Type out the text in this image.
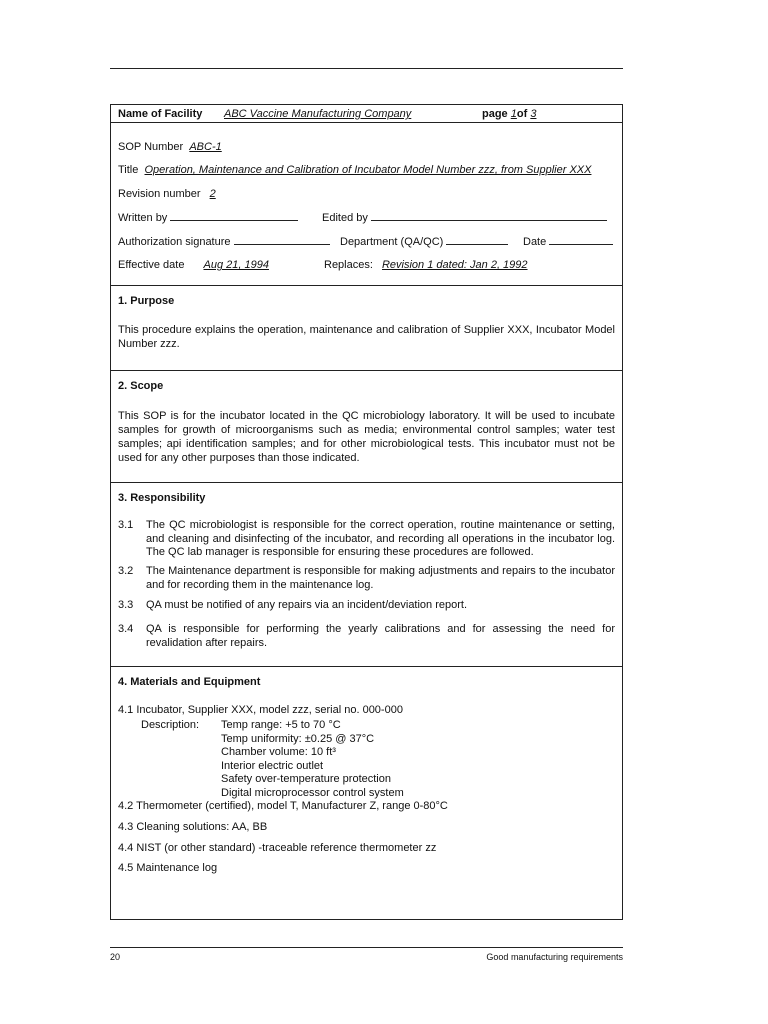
Name of Facility ABC Vaccine Manufacturing Company	page 1of 3
SOP Number ABC-1
Title Operation, Maintenance and Calibration of Incubator Model Number zzz, from Supplier XXX
Revision number 2
Written by	Edited by
Authorization signature	Department (QA/QC)	Date
Effective date Aug 21, 1994	Replaces: Revision 1 dated: Jan 2, 1992
1. Purpose
This procedure explains the operation, maintenance and calibration of Supplier XXX, Incubator Model Number zzz.
2. Scope
This SOP is for the incubator located in the QC microbiology laboratory. It will be used to incubate samples for growth of microorganisms such as media; environmental control samples; water test samples; api identification samples; and for other microbiological tests. This incubator must not be used for any other purposes than those indicated.
3. Responsibility
3.1 The QC microbiologist is responsible for the correct operation, routine maintenance or setting, and cleaning and disinfecting of the incubator, and recording all operations in the incubator log. The QC lab manager is responsible for ensuring these procedures are followed.
3.2 The Maintenance department is responsible for making adjustments and repairs to the incubator and for recording them in the maintenance log.
3.3 QA must be notified of any repairs via an incident/deviation report.
3.4 QA is responsible for performing the yearly calibrations and for assessing the need for revalidation after repairs.
4. Materials and Equipment
4.1 Incubator, Supplier XXX, model zzz, serial no. 000-000
Description: Temp range: +5 to 70 °C
Temp uniformity: ±0.25 @ 37°C
Chamber volume: 10 ft³
Interior electric outlet
Safety over-temperature protection
Digital microprocessor control system
4.2 Thermometer (certified), model T, Manufacturer Z, range 0-80°C
4.3 Cleaning solutions: AA, BB
4.4 NIST (or other standard) -traceable reference thermometer zz
4.5 Maintenance log
20	Good manufacturing requirements
